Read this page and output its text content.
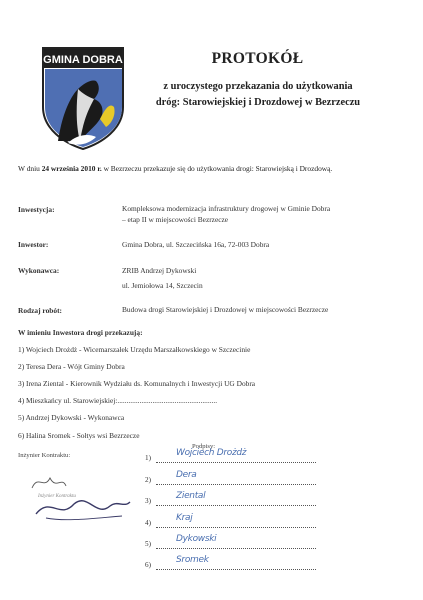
GMINA DOBRA	PROTOKÓŁ
z uroczystego przekazania do użytkowania
dróg: Starowiejskiej i Drozdowej w Bezrzeczu
W dniu 24 września 2010 r. w Bezrzeczu przekazuje się do użytkowania drogi: Starowiejską i Drozdową.
Inwestycja:	Kompleksowa modernizacja infrastruktury drogowej w Gminie Dobra
– etap II w miejscowości Bezrzecze
Inwestor:	Gmina Dobra, ul. Szczecińska 16a, 72-003 Dobra
Wykonawca:	ZRIB Andrzej Dykowski
ul. Jemiołowa 14, Szczecin
Rodzaj robót:	Budowa drogi Starowiejskiej i Drozdowej w miejscowości Bezrzecze
W imieniu Inwestora drogi przekazują:
1) Wojciech Drożdż - Wicemarszałek Urzędu Marszałkowskiego w Szczecinie
2) Teresa Dera - Wójt Gminy Dobra
3) Irena Ziental - Kierownik Wydziału ds. Komunalnych i Inwestycji UG Dobra
4) Mieszkańcy ul. Starowiejskiej:......................................................
5) Andrzej Dykowski - Wykonawca
6) Halina Sromek - Sołtys wsi Bezrzecze
Inżynier Kontraktu:
Podpisy:
Inżynier Kontraktu
1)	Wojciech Drożdż
2)	Dera
3)	Ziental
4)	Kraj
5)	Dykowski
6)	Sromek
